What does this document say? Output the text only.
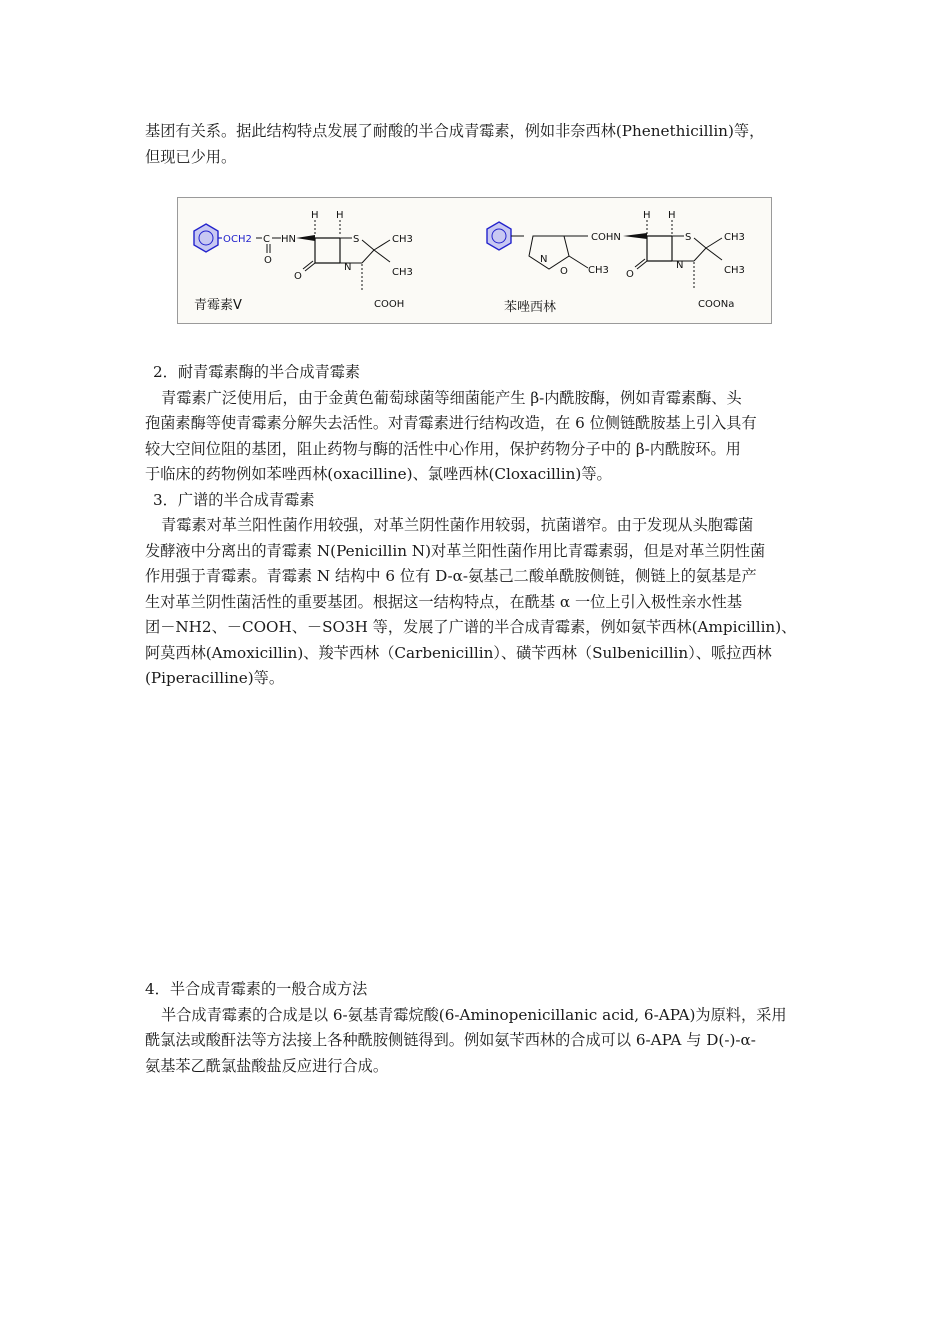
基团有关系。据此结构特点发展了耐酸的半合成青霉素，例如非奈西林(Phenethicillin)等，

但现已少用。

O CH2 C
O
HN
O
H H
S
N
CH3
CH3
COOH
青霉素V
N
O CH3
COHN
O
H H
S
N
CH3
CH3
COONa
苯唑西林

2．耐青霉素酶的半合成青霉素

青霉素广泛使用后，由于金黄色葡萄球菌等细菌能产生 β-内酰胺酶，例如青霉素酶、头

孢菌素酶等使青霉素分解失去活性。对青霉素进行结构改造，在 6 位侧链酰胺基上引入具有

较大空间位阻的基团，阻止药物与酶的活性中心作用，保护药物分子中的 β-内酰胺环。用

于临床的药物例如苯唑西林(oxacilline)、氯唑西林(Cloxacillin)等。

3．广谱的半合成青霉素

青霉素对革兰阳性菌作用较强，对革兰阴性菌作用较弱，抗菌谱窄。由于发现从头胞霉菌

发酵液中分离出的青霉素 N(Penicillin N)对革兰阳性菌作用比青霉素弱，但是对革兰阴性菌

作用强于青霉素。青霉素 N 结构中 6 位有 D-α-氨基己二酸单酰胺侧链，侧链上的氨基是产

生对革兰阴性菌活性的重要基团。根据这一结构特点，在酰基 α 一位上引入极性亲水性基

团－NH2、－COOH、－SO3H 等，发展了广谱的半合成青霉素，例如氨苄西林(Ampicillin)、

阿莫西林(Amoxicillin)、羧苄西林（Carbenicillin）、磺苄西林（Sulbenicillin）、哌拉西林

(Piperacilline)等。

4．半合成青霉素的一般合成方法

半合成青霉素的合成是以 6-氨基青霉烷酸(6-Aminopenicillanic acid, 6-APA)为原料，采用

酰氯法或酸酐法等方法接上各种酰胺侧链得到。例如氨苄西林的合成可以 6-APA 与 D(-)-α-

氨基苯乙酰氯盐酸盐反应进行合成。
